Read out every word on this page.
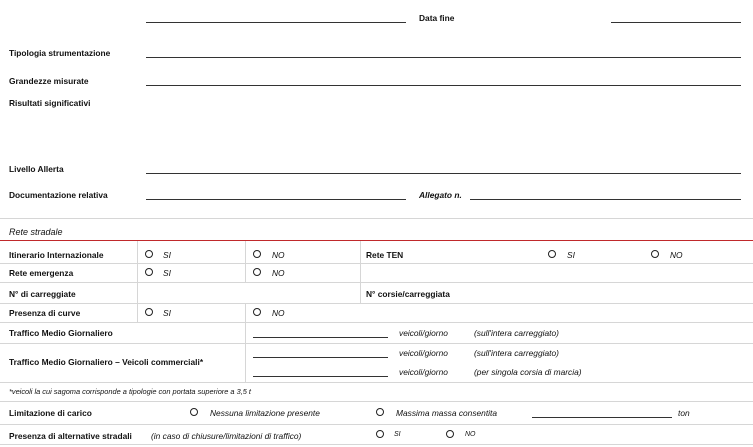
Data fine
Tipologia strumentazione
Grandezze misurate
Risultati significativi
Livello Allerta
Documentazione relativa	Allegato n.
Rete stradale
Itinerario Internazionale	SI	NO	Rete TEN	SI	NO
Rete emergenza	SI	NO
N° di carreggiate	N° corsie/carreggiata
Presenza di curve	SI	NO
Traffico Medio Giornaliero	veicoli/giorno	(sull'intera carreggiato)
Traffico Medio Giornaliero – Veicoli commerciali*
veicoli/giorno	(sull'intera carreggiato)
veicoli/giorno	(per singola corsia di marcia)
*veicoli la cui sagoma corrisponde a tipologie con portata superiore a 3,5 t
Limitazione di carico	Nessuna limitazione presente	Massima massa consentita	ton
Presenza di alternative stradali (in caso di chiusure/limitazioni di traffico)	SI	NO
